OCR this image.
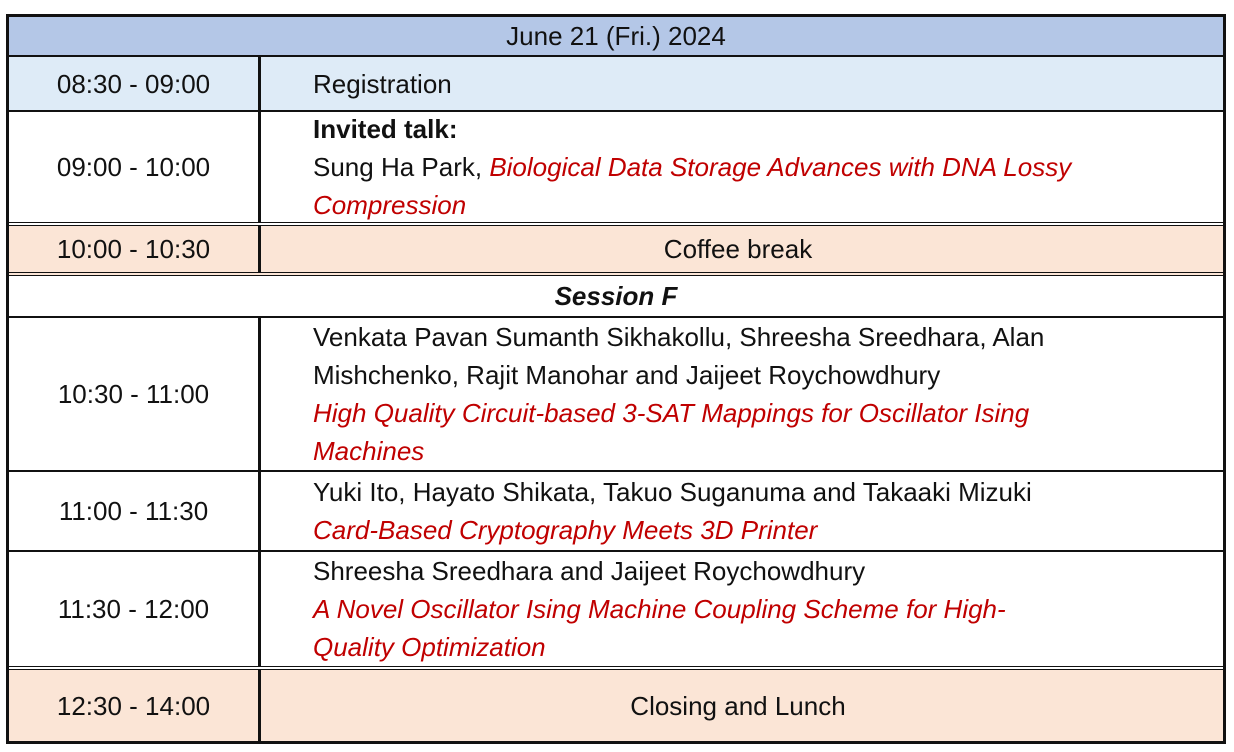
June 21 (Fri.) 2024
08:30 - 09:00	Registration
09:00 - 10:00
Invited talk:
Sung Ha Park, Biological Data Storage Advances with DNA Lossy
Compression
10:00 - 10:30	Coffee break
Session F
10:30 - 11:00
Venkata Pavan Sumanth Sikhakollu, Shreesha Sreedhara, Alan
Mishchenko, Rajit Manohar and Jaijeet Roychowdhury
High Quality Circuit-based 3-SAT Mappings for Oscillator Ising
Machines
11:00 - 11:30
Yuki Ito, Hayato Shikata, Takuo Suganuma and Takaaki Mizuki
Card-Based Cryptography Meets 3D Printer
11:30 - 12:00
Shreesha Sreedhara and Jaijeet Roychowdhury
A Novel Oscillator Ising Machine Coupling Scheme for High-
Quality Optimization
12:30 - 14:00	Closing and Lunch
